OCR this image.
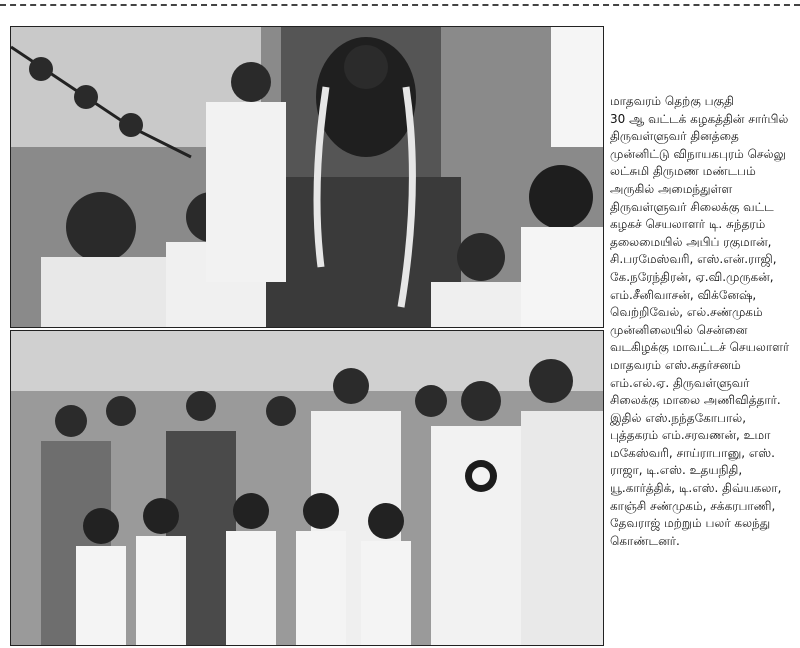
மாதவரம் தெற்கு பகுதி
30 ஆ வட்டக் கழகத்தின் சார்பில்
திருவள்ளுவர் தினத்தை
முன்னிட்டு விநாயகபுரம் செல்லு
லட்சுமி திருமண மண்டபம்
அருகில் அமைந்துள்ள
திருவள்ளுவர் சிலைக்கு வட்ட
கழகச் செயலாளர் டி. சுந்தரம்
தலைமையில் அபிப் ரகுமான்,
சி.பரமேஸ்வரி, எஸ்.என்.ராஜி,
கே.நரேந்திரன், ஏ.வி.முருகன்,
எம்.சீனிவாசன், விக்னேஷ்,
வெற்றிவேல், எல்.சண்முகம்
முன்னிலையில் சென்னை
வடகிழக்கு மாவட்டச் செயலாளர்
மாதவரம் எஸ்.சுதர்சனம்
எம்.எல்.ஏ. திருவள்ளுவர்
சிலைக்கு மாலை அணிவித்தார்.
இதில் எஸ்.நந்தகோபால்,
புத்தகரம் எம்.சரவணன், உமா
மகேஸ்வரி, சாய்ராபானு, எஸ்.
ராஜா, டி.எஸ். உதயநிதி,
யூ.கார்த்திக், டி.எஸ். திவ்யகலா,
காஞ்சி சண்முகம், சக்கரபாணி,
தேவராஜ் மற்றும் பலர் கலந்து
கொண்டனர்.
